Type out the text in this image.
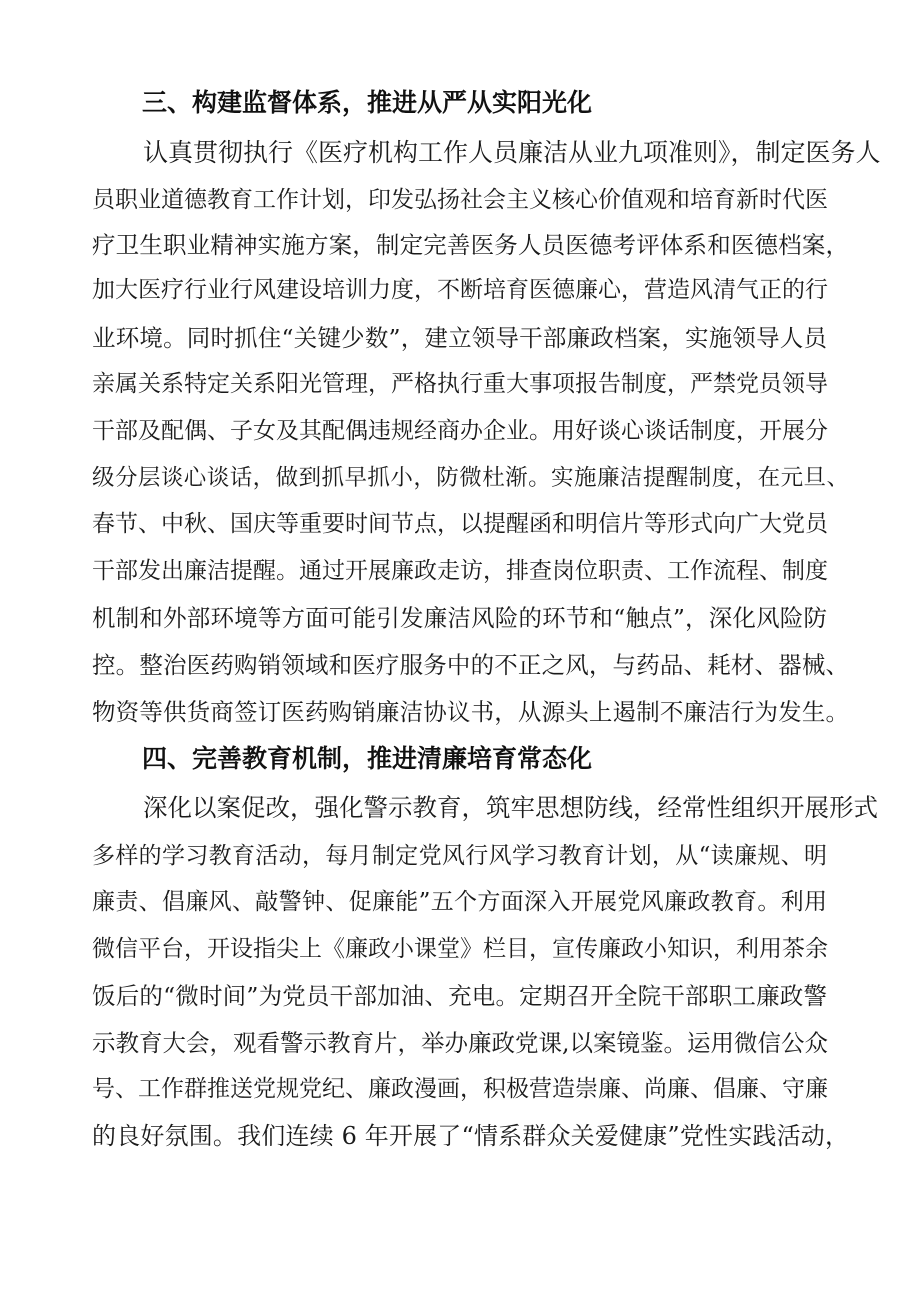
三、构建监督体系，推进从严从实阳光化
认真贯彻执行《医疗机构工作人员廉洁从业九项准则》，制定医务人
员职业道德教育工作计划，印发弘扬社会主义核心价值观和培育新时代医
疗卫生职业精神实施方案，制定完善医务人员医德考评体系和医德档案，
加大医疗行业行风建设培训力度，不断培育医德廉心，营造风清气正的行
业环境。同时抓住“关键少数”，建立领导干部廉政档案，实施领导人员
亲属关系特定关系阳光管理，严格执行重大事项报告制度，严禁党员领导
干部及配偶、子女及其配偶违规经商办企业。用好谈心谈话制度，开展分
级分层谈心谈话，做到抓早抓小，防微杜渐。实施廉洁提醒制度，在元旦、
春节、中秋、国庆等重要时间节点，以提醒函和明信片等形式向广大党员
干部发出廉洁提醒。通过开展廉政走访，排查岗位职责、工作流程、制度
机制和外部环境等方面可能引发廉洁风险的环节和“触点”，深化风险防
控。整治医药购销领域和医疗服务中的不正之风，与药品、耗材、器械、
物资等供货商签订医药购销廉洁协议书，从源头上遏制不廉洁行为发生。
四、完善教育机制，推进清廉培育常态化
深化以案促改，强化警示教育，筑牢思想防线，经常性组织开展形式
多样的学习教育活动，每月制定党风行风学习教育计划，从“读廉规、明
廉责、倡廉风、敲警钟、促廉能”五个方面深入开展党风廉政教育。利用
微信平台，开设指尖上《廉政小课堂》栏目，宣传廉政小知识，利用茶余
饭后的“微时间”为党员干部加油、充电。定期召开全院干部职工廉政警
示教育大会，观看警示教育片，举办廉政党课,以案镜鉴。运用微信公众
号、工作群推送党规党纪、廉政漫画，积极营造崇廉、尚廉、倡廉、守廉
的良好氛围。我们连续 6 年开展了“情系群众关爱健康”党性实践活动，
